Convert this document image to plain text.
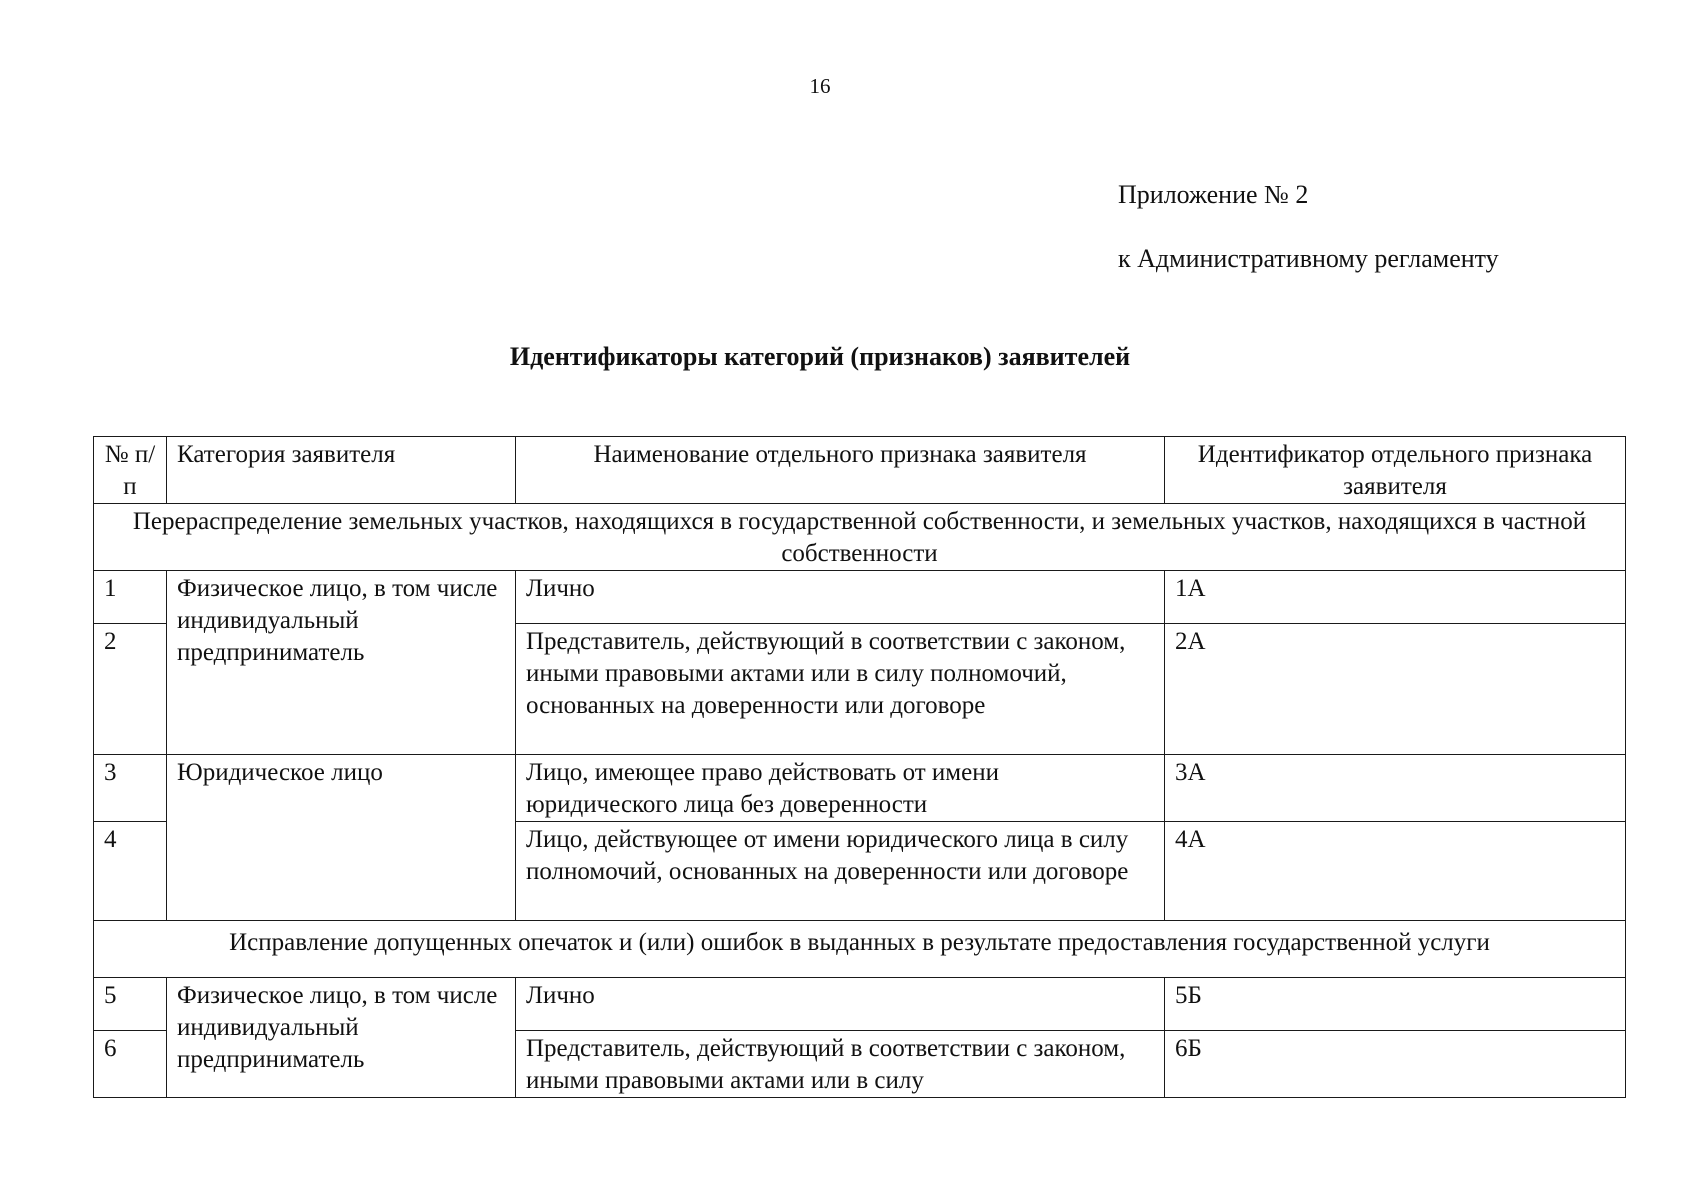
16
Приложение № 2
к Административному регламенту
Идентификаторы категорий (признаков) заявителей
№ п/п	Категория заявителя	Наименование отдельного признака заявителя	Идентификатор отдельного признака заявителя
Перераспределение земельных участков, находящихся в государственной собственности, и земельных участков, находящихся в частной собственности			
1	Физическое лицо, в том числе индивидуальный предприниматель	Лично	1А
2		Представитель, действующий в соответствии с законом, иными правовыми актами или в силу полномочий, основанных на доверенности или договоре	2А
3	Юридическое лицо	Лицо, имеющее право действовать от имени юридического лица без доверенности	3А
4		Лицо, действующее от имени юридического лица в силу полномочий, основанных на доверенности или договоре	4А
Исправление допущенных опечаток и (или) ошибок в выданных в результате предоставления государственной услуги			
5	Физическое лицо, в том числе индивидуальный предприниматель	Лично	5Б
6		Представитель, действующий в соответствии с законом, иными правовыми актами или в силу	6Б
